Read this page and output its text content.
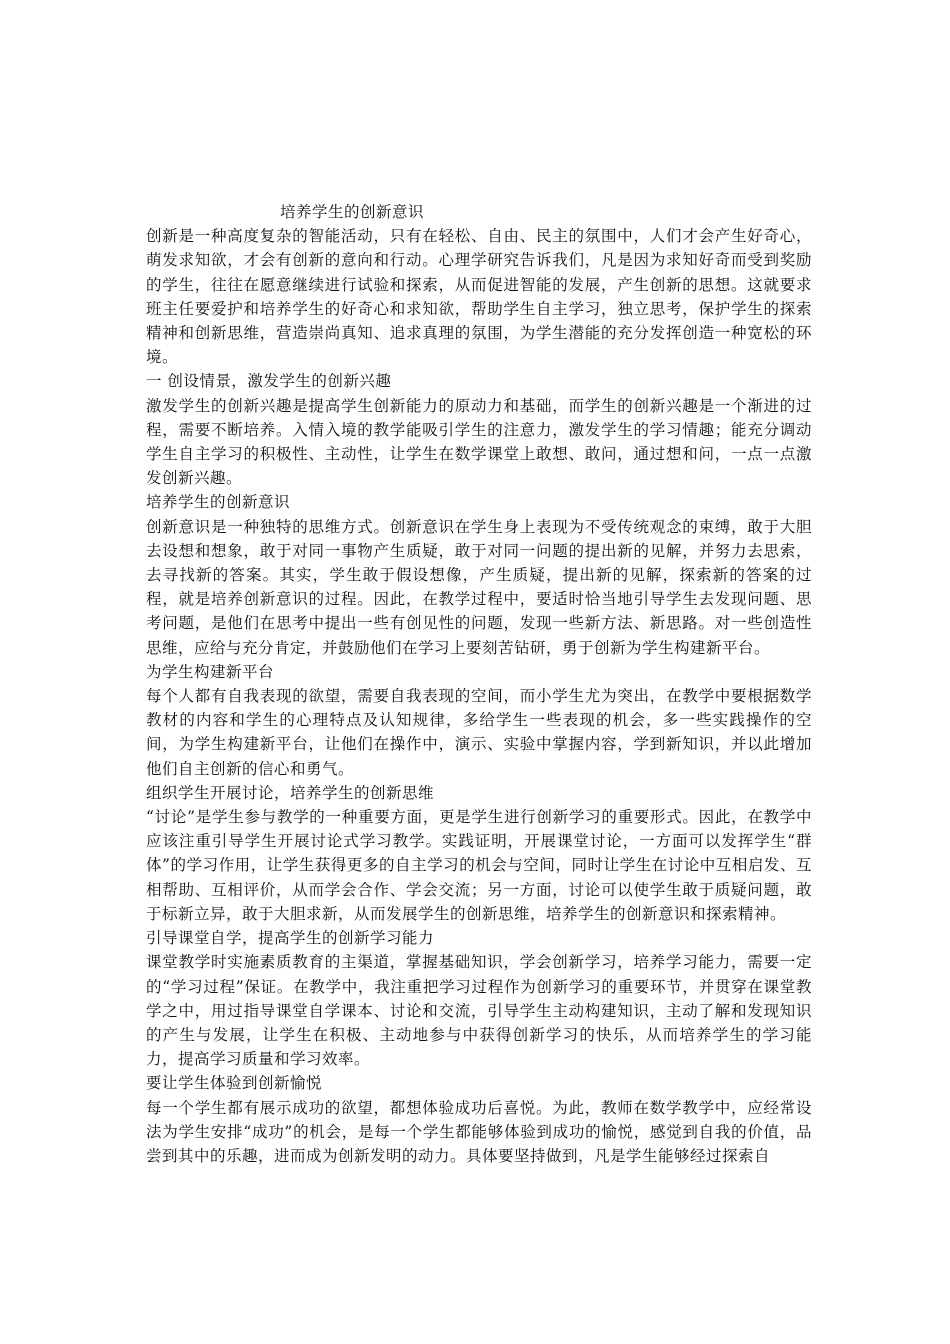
培养学生的创新意识

创新是一种高度复杂的智能活动，只有在轻松、自由、民主的氛围中，人们才会产生好奇心，萌发求知欲，才会有创新的意向和行动。心理学研究告诉我们，凡是因为求知好奇而受到奖励的学生，往往在愿意继续进行试验和探索，从而促进智能的发展，产生创新的思想。这就要求班主任要爱护和培养学生的好奇心和求知欲，帮助学生自主学习，独立思考，保护学生的探索精神和创新思维，营造崇尚真知、追求真理的氛围，为学生潜能的充分发挥创造一种宽松的环境。

一 创设情景，激发学生的创新兴趣

激发学生的创新兴趣是提高学生创新能力的原动力和基础，而学生的创新兴趣是一个渐进的过程，需要不断培养。入情入境的教学能吸引学生的注意力，激发学生的学习情趣；能充分调动学生自主学习的积极性、主动性，让学生在数学课堂上敢想、敢问，通过想和问，一点一点激发创新兴趣。

培养学生的创新意识

创新意识是一种独特的思维方式。创新意识在学生身上表现为不受传统观念的束缚，敢于大胆去设想和想象，敢于对同一事物产生质疑，敢于对同一问题的提出新的见解，并努力去思索，去寻找新的答案。其实，学生敢于假设想像，产生质疑，提出新的见解，探索新的答案的过程，就是培养创新意识的过程。因此，在教学过程中，要适时恰当地引导学生去发现问题、思考问题，是他们在思考中提出一些有创见性的问题，发现一些新方法、新思路。对一些创造性思维，应给与充分肯定，并鼓励他们在学习上要刻苦钻研，勇于创新为学生构建新平台。

为学生构建新平台

每个人都有自我表现的欲望，需要自我表现的空间，而小学生尤为突出，在教学中要根据数学教材的内容和学生的心理特点及认知规律，多给学生一些表现的机会，多一些实践操作的空间，为学生构建新平台，让他们在操作中，演示、实验中掌握内容，学到新知识，并以此增加他们自主创新的信心和勇气。

组织学生开展讨论，培养学生的创新思维

“讨论”是学生参与教学的一种重要方面，更是学生进行创新学习的重要形式。因此，在教学中应该注重引导学生开展讨论式学习教学。实践证明，开展课堂讨论，一方面可以发挥学生“群体”的学习作用，让学生获得更多的自主学习的机会与空间，同时让学生在讨论中互相启发、互相帮助、互相评价，从而学会合作、学会交流；另一方面，讨论可以使学生敢于质疑问题，敢于标新立异，敢于大胆求新，从而发展学生的创新思维，培养学生的创新意识和探索精神。

引导课堂自学，提高学生的创新学习能力

课堂教学时实施素质教育的主渠道，掌握基础知识，学会创新学习，培养学习能力，需要一定的“学习过程”保证。在教学中，我注重把学习过程作为创新学习的重要环节，并贯穿在课堂教学之中，用过指导课堂自学课本、讨论和交流，引导学生主动构建知识，主动了解和发现知识的产生与发展，让学生在积极、主动地参与中获得创新学习的快乐，从而培养学生的学习能力，提高学习质量和学习效率。

要让学生体验到创新愉悦

每一个学生都有展示成功的欲望，都想体验成功后喜悦。为此，教师在数学教学中，应经常设法为学生安排“成功”的机会，是每一个学生都能够体验到成功的愉悦，感觉到自我的价值，品尝到其中的乐趣，进而成为创新发明的动力。具体要坚持做到，凡是学生能够经过探索自
